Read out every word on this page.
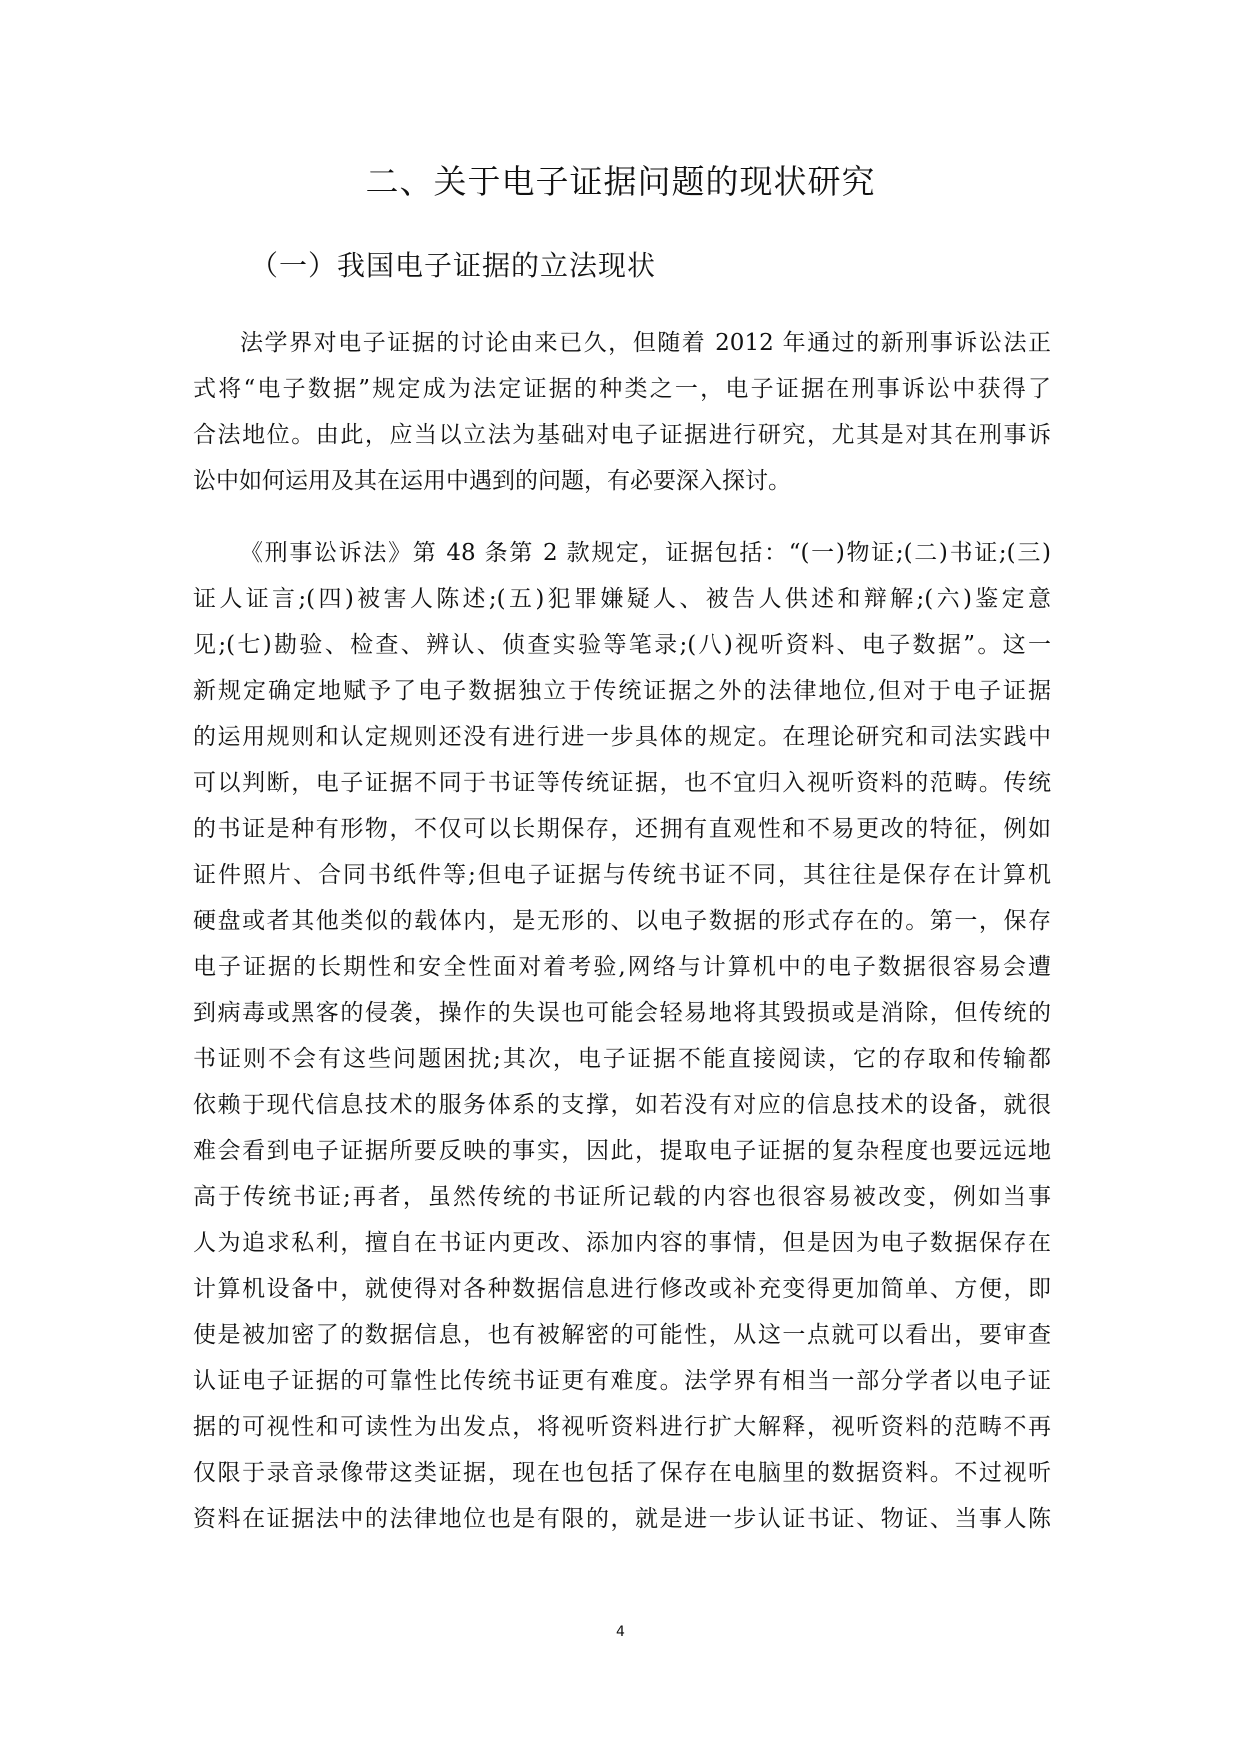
二、关于电子证据问题的现状研究
（一）我国电子证据的立法现状

法学界对电子证据的讨论由来已久，但随着 2012 年通过的新刑事诉讼法正
式将“电子数据”规定成为法定证据的种类之一，电子证据在刑事诉讼中获得了
合法地位。由此，应当以立法为基础对电子证据进行研究，尤其是对其在刑事诉
讼中如何运用及其在运用中遇到的问题，有必要深入探讨。

《刑事讼诉法》第 48 条第 2 款规定，证据包括：“(一)物证;(二)书证;(三)
证人证言;(四)被害人陈述;(五)犯罪嫌疑人、被告人供述和辩解;(六)鉴定意
见;(七)勘验、检查、辨认、侦查实验等笔录;(八)视听资料、电子数据”。这一
新规定确定地赋予了电子数据独立于传统证据之外的法律地位,但对于电子证据
的运用规则和认定规则还没有进行进一步具体的规定。在理论研究和司法实践中
可以判断，电子证据不同于书证等传统证据，也不宜归入视听资料的范畴。传统
的书证是种有形物，不仅可以长期保存，还拥有直观性和不易更改的特征，例如
证件照片、合同书纸件等;但电子证据与传统书证不同，其往往是保存在计算机
硬盘或者其他类似的载体内，是无形的、以电子数据的形式存在的。第一，保存
电子证据的长期性和安全性面对着考验,网络与计算机中的电子数据很容易会遭
到病毒或黑客的侵袭，操作的失误也可能会轻易地将其毁损或是消除，但传统的
书证则不会有这些问题困扰;其次，电子证据不能直接阅读，它的存取和传输都
依赖于现代信息技术的服务体系的支撑，如若没有对应的信息技术的设备，就很
难会看到电子证据所要反映的事实，因此，提取电子证据的复杂程度也要远远地
高于传统书证;再者，虽然传统的书证所记载的内容也很容易被改变，例如当事
人为追求私利，擅自在书证内更改、添加内容的事情，但是因为电子数据保存在
计算机设备中，就使得对各种数据信息进行修改或补充变得更加简单、方便，即
使是被加密了的数据信息，也有被解密的可能性，从这一点就可以看出，要审查
认证电子证据的可靠性比传统书证更有难度。法学界有相当一部分学者以电子证
据的可视性和可读性为出发点，将视听资料进行扩大解释，视听资料的范畴不再
仅限于录音录像带这类证据，现在也包括了保存在电脑里的数据资料。不过视听
资料在证据法中的法律地位也是有限的，就是进一步认证书证、物证、当事人陈

4
